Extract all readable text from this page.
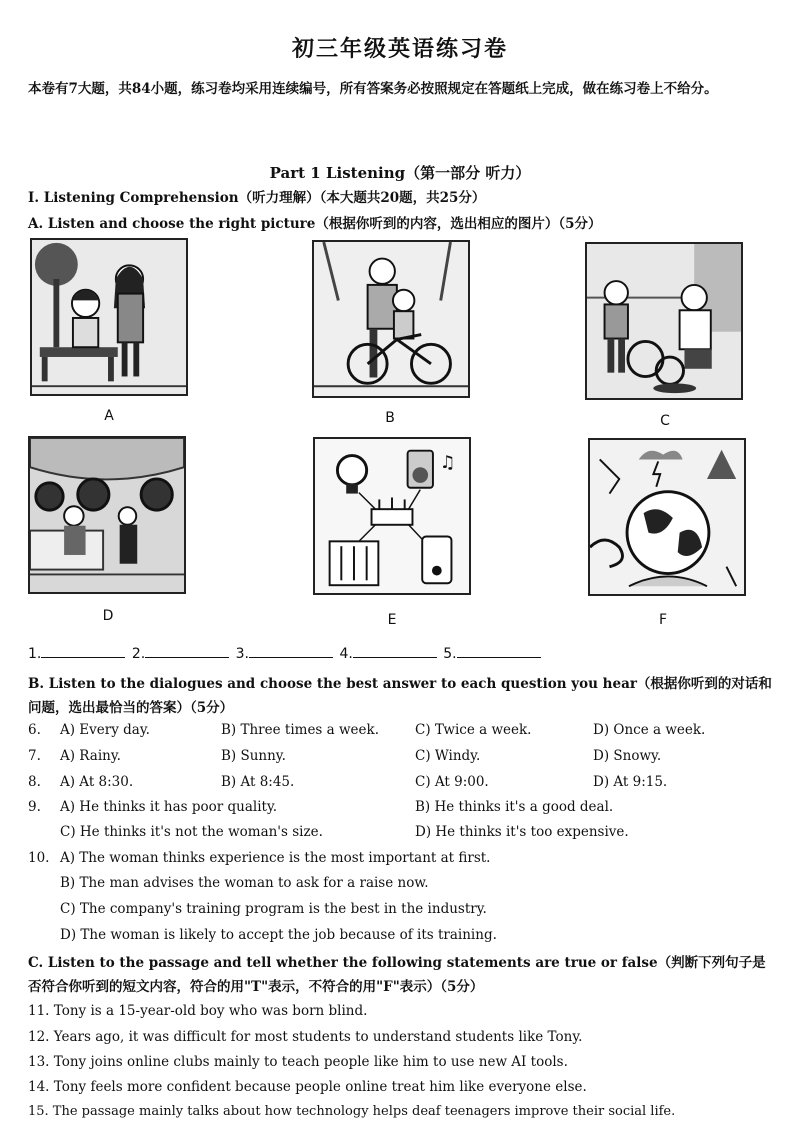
初三年级英语练习卷
本卷有7大题，共84小题，练习卷均采用连续编号，所有答案务必按照规定在答题纸上完成，做在练习卷上不给分。
Part 1 Listening（第一部分 听力）
I. Listening Comprehension（听力理解）（本大题共20题，共25分）
A. Listen and choose the right picture（根据你听到的内容，选出相应的图片）（5分）
A	B	C
D
♫
E	F
1.	2.	3.	4.	5.
B. Listen to the dialogues and choose the best answer to each question you hear（根据你听到的对话和问题，选出最恰当的答案）（5分）
6. A) Every day.	B) Three times a week.	C) Twice a week.	D) Once a week.
7. A) Rainy.	B) Sunny.	C) Windy.	D) Snowy.
8. A) At 8:30.	B) At 8:45.	C) At 9:00.	D) At 9:15.
9. A) He thinks it has poor quality.	B) He thinks it's a good deal.
C) He thinks it's not the woman's size.	D) He thinks it's too expensive.
10. A) The woman thinks experience is the most important at first.
B) The man advises the woman to ask for a raise now.
C) The company's training program is the best in the industry.
D) The woman is likely to accept the job because of its training.
C. Listen to the passage and tell whether the following statements are true or false（判断下列句子是否符合你听到的短文内容，符合的用"T"表示，不符合的用"F"表示）（5分）
11. Tony is a 15-year-old boy who was born blind.
12. Years ago, it was difficult for most students to understand students like Tony.
13. Tony joins online clubs mainly to teach people like him to use new AI tools.
14. Tony feels more confident because people online treat him like everyone else.
15. The passage mainly talks about how technology helps deaf teenagers improve their social life.
